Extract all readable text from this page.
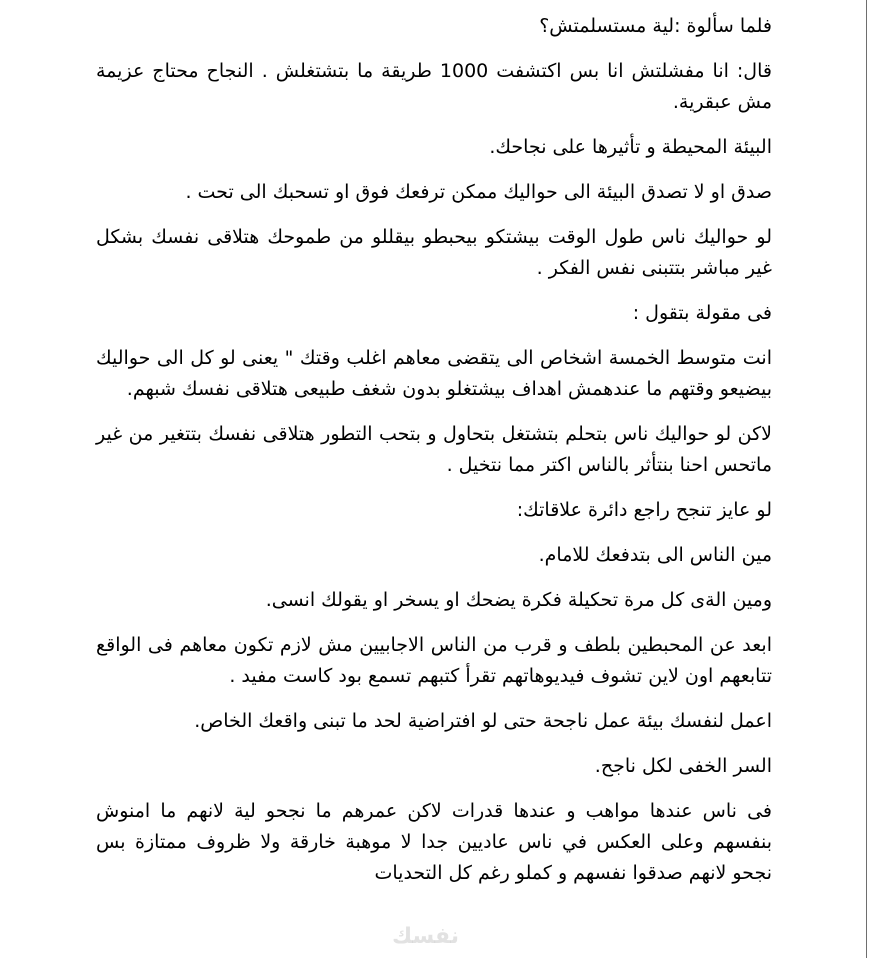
فلما سألوة :لية مستسلمتش؟

قال: انا مفشلتش انا بس اكتشفت 1000 طريقة ما بتشتغلش . النجاح محتاج عزيمة مش عبقرية.

البيئة المحيطة و تأثيرها على نجاحك.

صدق او لا تصدق البيئة الى حواليك ممكن ترفعك فوق او تسحبك الى تحت .

لو حواليك ناس طول الوقت بيشتكو بيحبطو بيقللو من طموحك هتلاقى نفسك بشكل غير مباشر بتتبنى نفس الفكر .

فى مقولة بتقول :

انت متوسط الخمسة اشخاص الى يتقضى معاهم اغلب وقتك " يعنى لو كل الى حواليك بيضيعو وقتهم ما عندهمش اهداف بيشتغلو بدون شغف طبيعى هتلاقى نفسك شبهم.

لاكن لو حواليك ناس بتحلم بتشتغل بتحاول و بتحب التطور هتلاقى نفسك بتتغير من غير ماتحس احنا بنتأثر بالناس اكتر مما نتخيل .

لو عايز تنجح راجع دائرة علاقاتك:

مين الناس الى بتدفعك للامام.

ومين الةى كل مرة تحكيلة فكرة يضحك او يسخر او يقولك انسى.

ابعد عن المحبطين بلطف و قرب من الناس الاجابيين مش لازم تكون معاهم فى الواقع تتابعهم اون لاين تشوف فيديوهاتهم تقرأ كتبهم تسمع بود كاست مفيد .

اعمل لنفسك بيئة عمل ناجحة حتى لو افتراضية لحد ما تبنى واقعك الخاص.

السر الخفى لكل ناجح.

فى ناس عندها مواهب و عندها قدرات لاكن عمرهم ما نجحو لية لانهم ما امنوش بنفسهم وعلى العكس في ناس عاديين جدا لا موهبة خارقة ولا ظروف ممتازة بس نجحو لانهم صدقوا نفسهم و كملو رغم كل التحديات

نفسك
